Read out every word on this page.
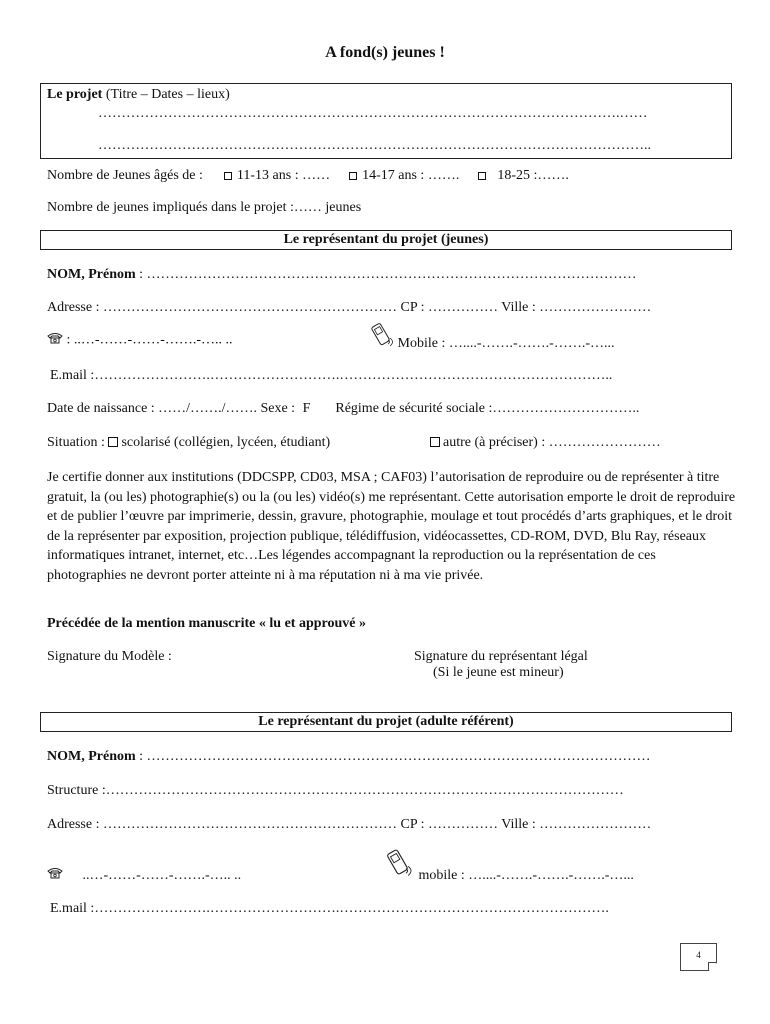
A fond(s) jeunes !
Le projet (Titre – Dates – lieux)
………………………………………………………………………………………………….……
………………………………………………………………………………………………………..
Nombre de Jeunes âgés de : 11-13 ans : …… 14-17 ans : …….	18-25 :…….
Nombre de jeunes impliqués dans le projet :…… jeunes
Le représentant du projet (jeunes)
NOM, Prénom : ……………………………………………………………………………………………
Adresse : ……………………………………………………… CP : …………… Ville : ……………………
: ..…-……-……-…….-….. ..	Mobile : …....-…….-…….-…….-…...
E.mail :…………………….……………………….…………………………………………………..
Date de naissance : ……/……./……. Sexe : F Régime de sécurité sociale :…………………………..
Situation : scolarisé (collégien, lycéen, étudiant)	autre (à préciser) : ……………………
Je certifie donner aux institutions (DDCSPP, CD03, MSA ; CAF03) l’autorisation de reproduire ou de représenter à titre gratuit, la (ou les) photographie(s) ou la (ou les) vidéo(s) me représentant. Cette autorisation emporte le droit de reproduire et de publier l’œuvre par imprimerie, dessin, gravure, photographie, moulage et tout procédés d’arts graphiques, et le droit de la représenter par exposition, projection publique, télédiffusion, vidéocassettes, CD-ROM, DVD, Blu Ray, réseaux informatiques intranet, internet, etc…Les légendes accompagnant la reproduction ou la représentation de ces photographies ne devront porter atteinte ni à ma réputation ni à ma vie privée.
Précédée de la mention manuscrite « lu et approuvé »
Signature du Modèle :	Signature du représentant légal
(Si le jeune est mineur)
Le représentant du projet (adulte référent)
NOM, Prénom : ………………………………………………………………………………………………
Structure :…………………………………………………………………………………………………
Adresse : ……………………………………………………… CP : …………… Ville : ……………………
..…-……-……-…….-….. ..	mobile : …....-…….-…….-…….-…...
E.mail :…………………….……………………….………………………………………………….
4
